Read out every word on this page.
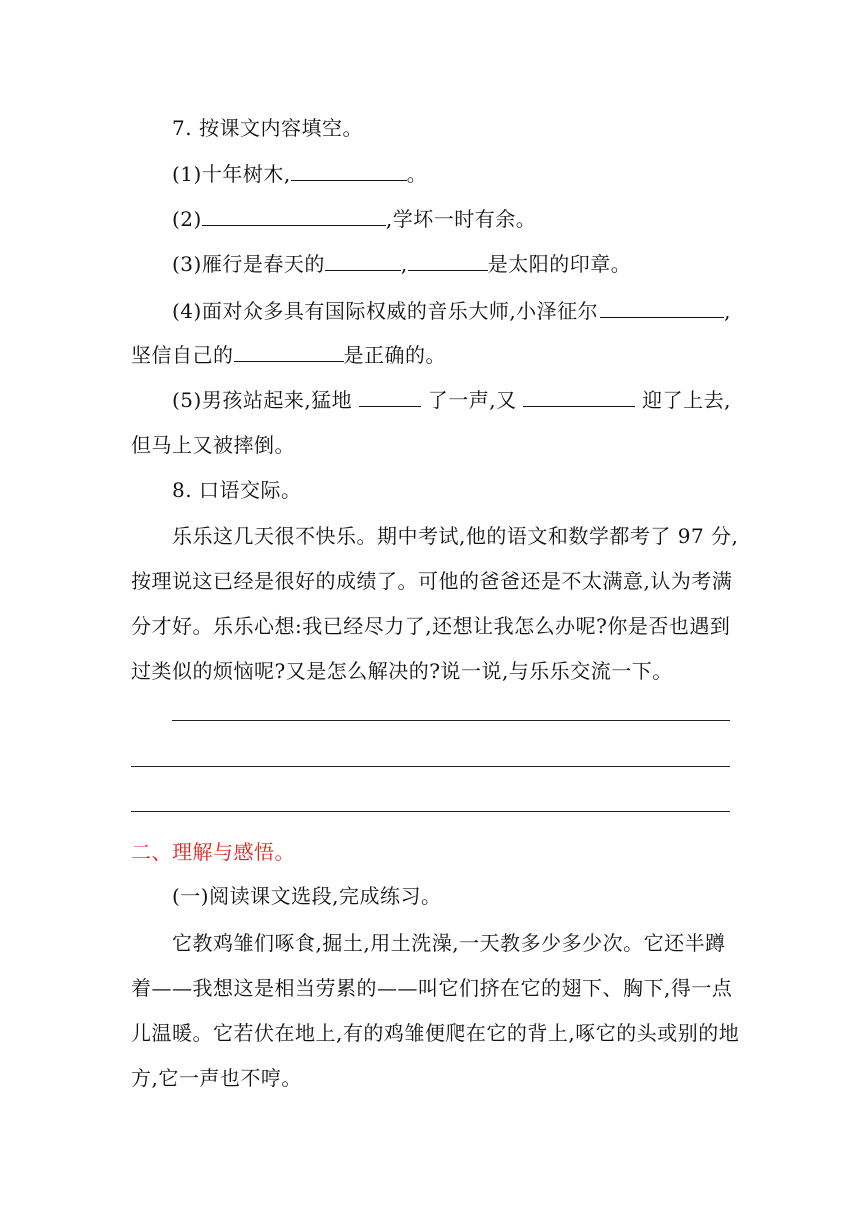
7. 按课文内容填空。
(1)十年树木,	。
(2)	,学坏一时有余。
(3)雁行是春天的	,	是太阳的印章。
(4)面对众多具有国际权威的音乐大师,小泽征尔	,
坚信自己的	是正确的。
(5)男孩站起来,猛地	了一声,又	迎了上去,
但马上又被摔倒。
8. 口语交际。
乐乐这几天很不快乐。期中考试,他的语文和数学都考了 97 分,
按理说这已经是很好的成绩了。可他的爸爸还是不太满意,认为考满
分才好。乐乐心想:我已经尽力了,还想让我怎么办呢?你是否也遇到
过类似的烦恼呢?又是怎么解决的?说一说,与乐乐交流一下。
二、理解与感悟。
(一)阅读课文选段,完成练习。
它教鸡雏们啄食,掘土,用土洗澡,一天教多少多少次。它还半蹲
着——我想这是相当劳累的——叫它们挤在它的翅下、胸下,得一点
儿温暖。它若伏在地上,有的鸡雏便爬在它的背上,啄它的头或别的地
方,它一声也不哼。
